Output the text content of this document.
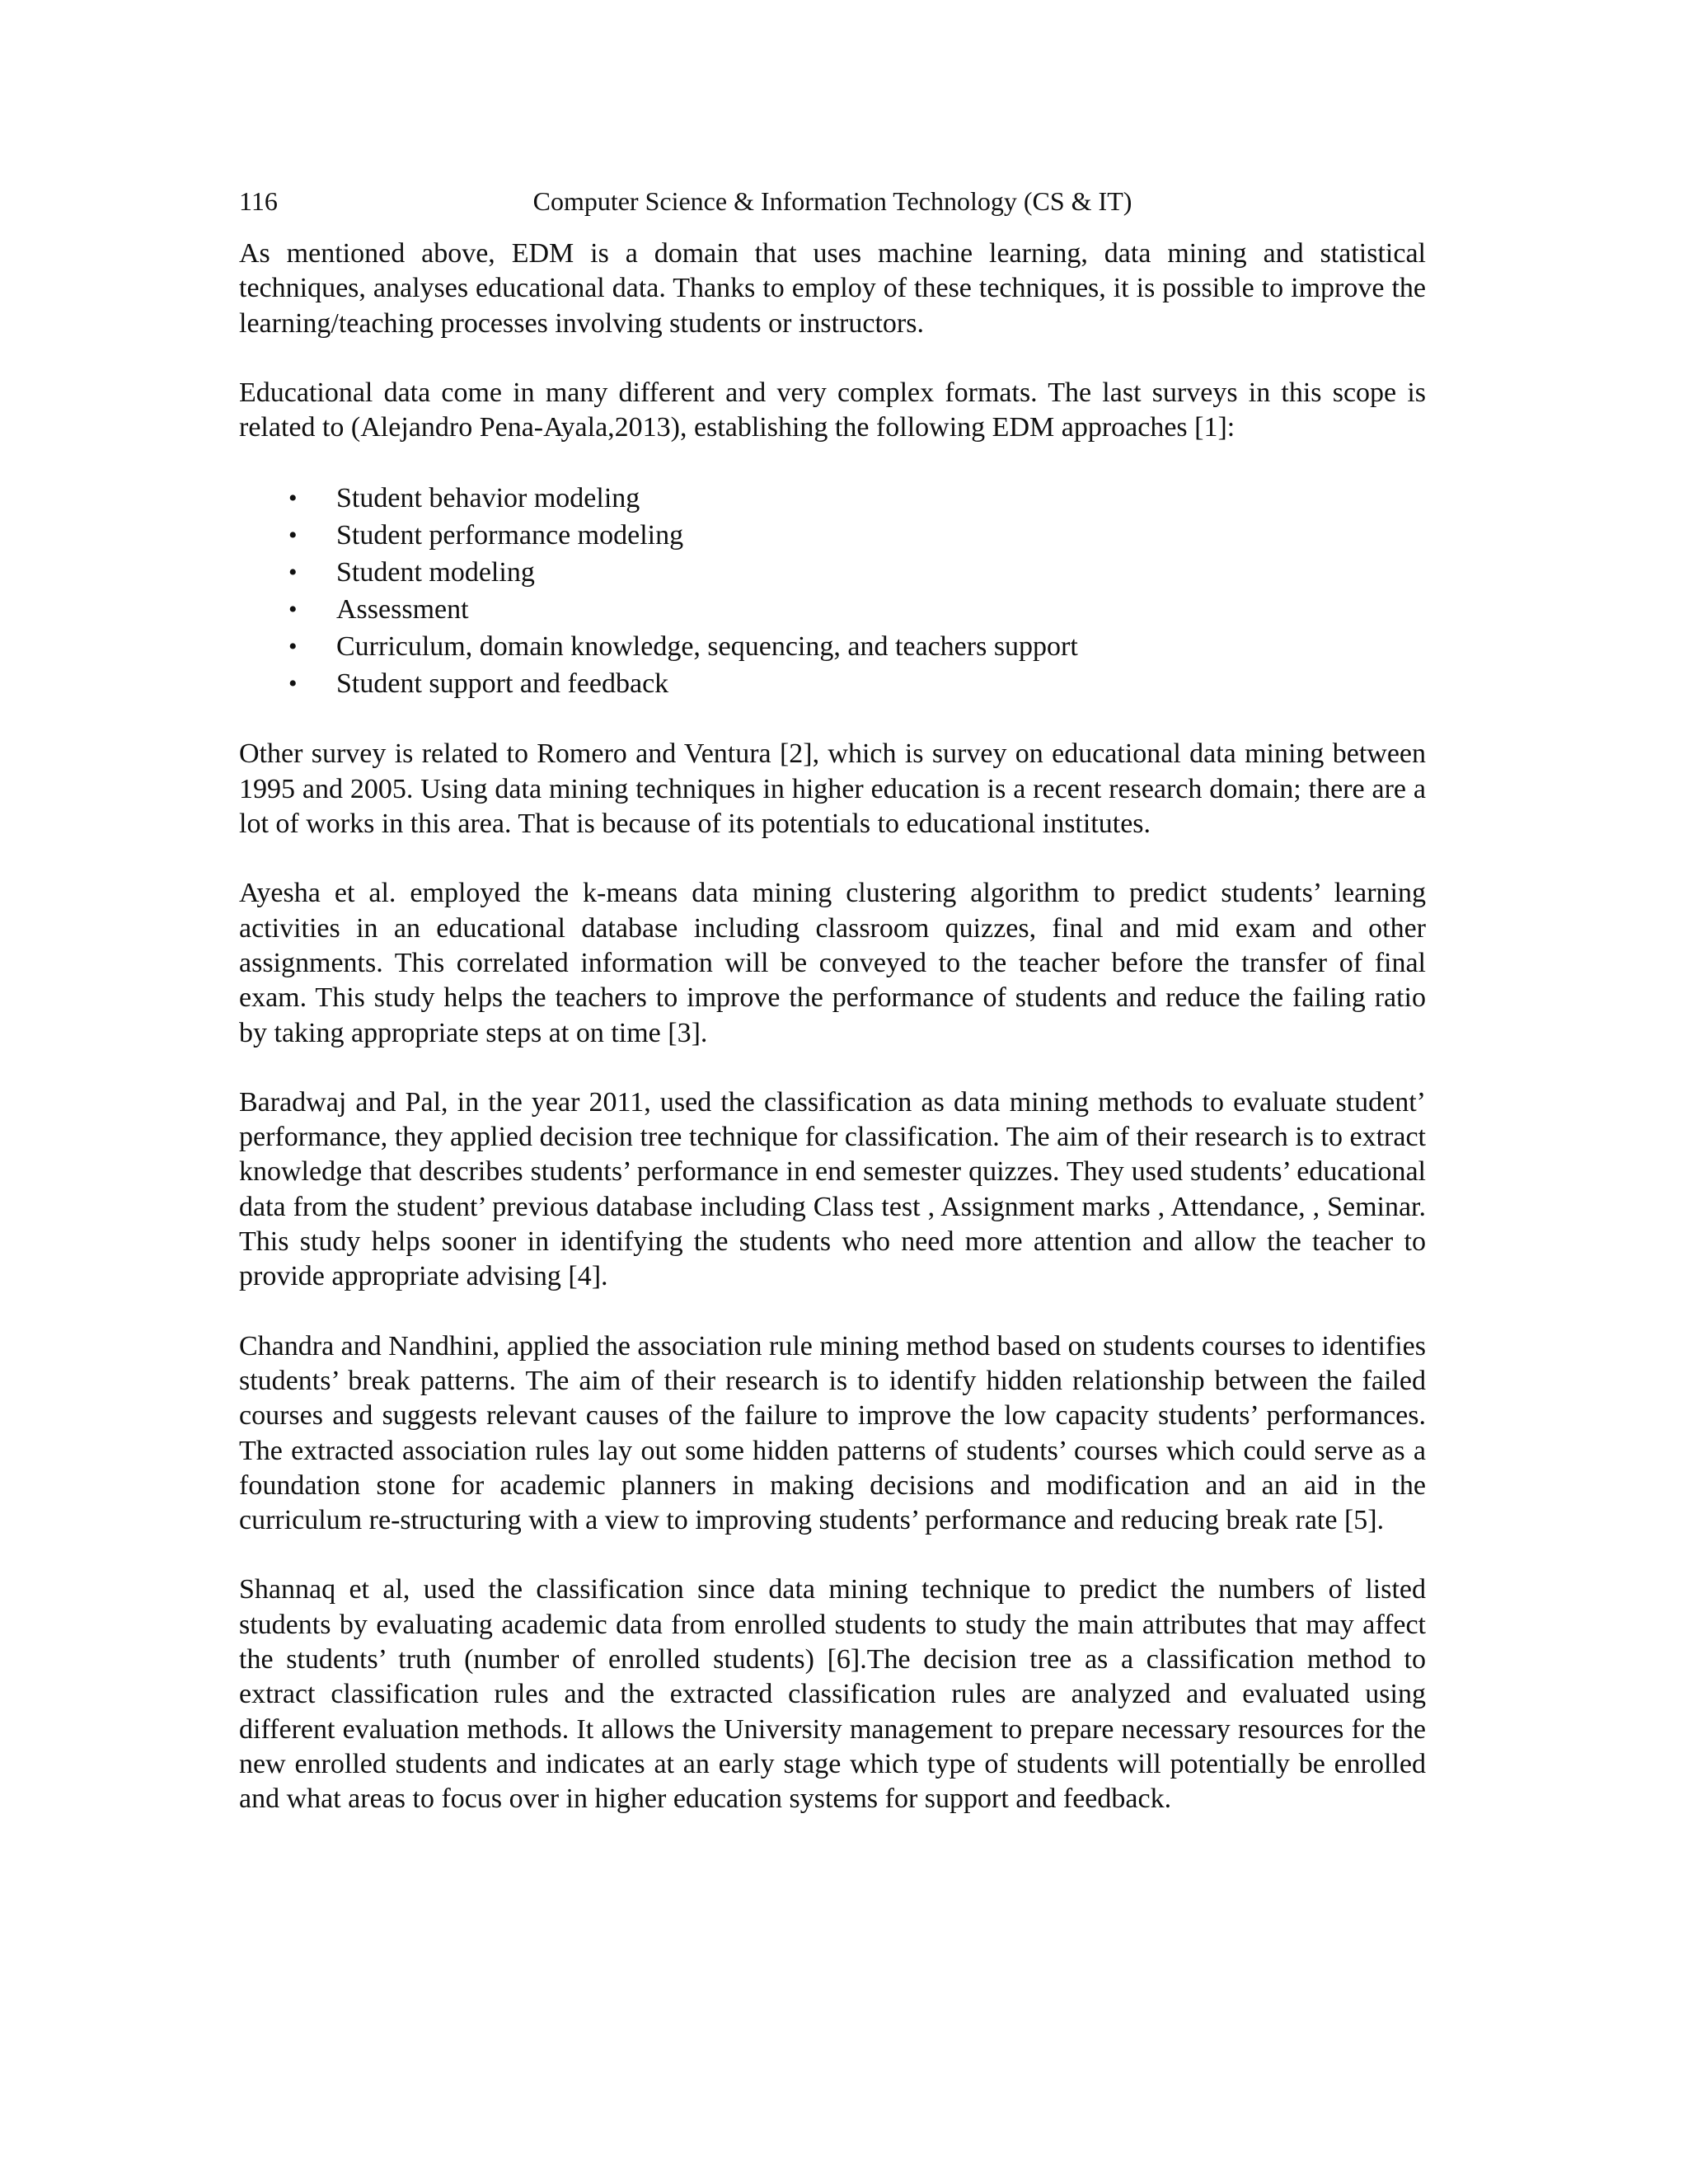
116	Computer Science & Information Technology (CS & IT)

As mentioned above, EDM is a domain that uses machine learning, data mining and statistical techniques, analyses educational data. Thanks to employ of these techniques, it is possible to improve the learning/teaching processes involving students or instructors.

Educational data come in many different and very complex formats. The last surveys in this scope is related to (Alejandro Pena-Ayala,2013), establishing the following EDM approaches [1]:

• Student behavior modeling
• Student performance modeling
• Student modeling
• Assessment
• Curriculum, domain knowledge, sequencing, and teachers support
• Student support and feedback

Other survey is related to Romero and Ventura [2], which is survey on educational data mining between 1995 and 2005. Using data mining techniques in higher education is a recent research domain; there are a lot of works in this area. That is because of its potentials to educational institutes.

Ayesha et al. employed the k-means data mining clustering algorithm to predict students’ learning activities in an educational database including classroom quizzes, final and mid exam and other assignments. This correlated information will be conveyed to the teacher before the transfer of final exam. This study helps the teachers to improve the performance of students and reduce the failing ratio by taking appropriate steps at on time [3].

Baradwaj and Pal, in the year 2011, used the classification as data mining methods to evaluate student’ performance, they applied decision tree technique for classification. The aim of their research is to extract knowledge that describes students’ performance in end semester quizzes. They used students’ educational data from the student’ previous database including Class test , Assignment marks , Attendance, , Seminar. This study helps sooner in identifying the students who need more attention and allow the teacher to provide appropriate advising [4].

Chandra and Nandhini, applied the association rule mining method based on students courses to identifies students’ break patterns. The aim of their research is to identify hidden relationship between the failed courses and suggests relevant causes of the failure to improve the low capacity students’ performances. The extracted association rules lay out some hidden patterns of students’ courses which could serve as a foundation stone for academic planners in making decisions and modification and an aid in the curriculum re-structuring with a view to improving students’ performance and reducing break rate [5].

Shannaq et al, used the classification since data mining technique to predict the numbers of listed students by evaluating academic data from enrolled students to study the main attributes that may affect the students’ truth (number of enrolled students) [6].The decision tree as a classification method to extract classification rules and the extracted classification rules are analyzed and evaluated using different evaluation methods. It allows the University management to prepare necessary resources for the new enrolled students and indicates at an early stage which type of students will potentially be enrolled and what areas to focus over in higher education systems for support and feedback.
